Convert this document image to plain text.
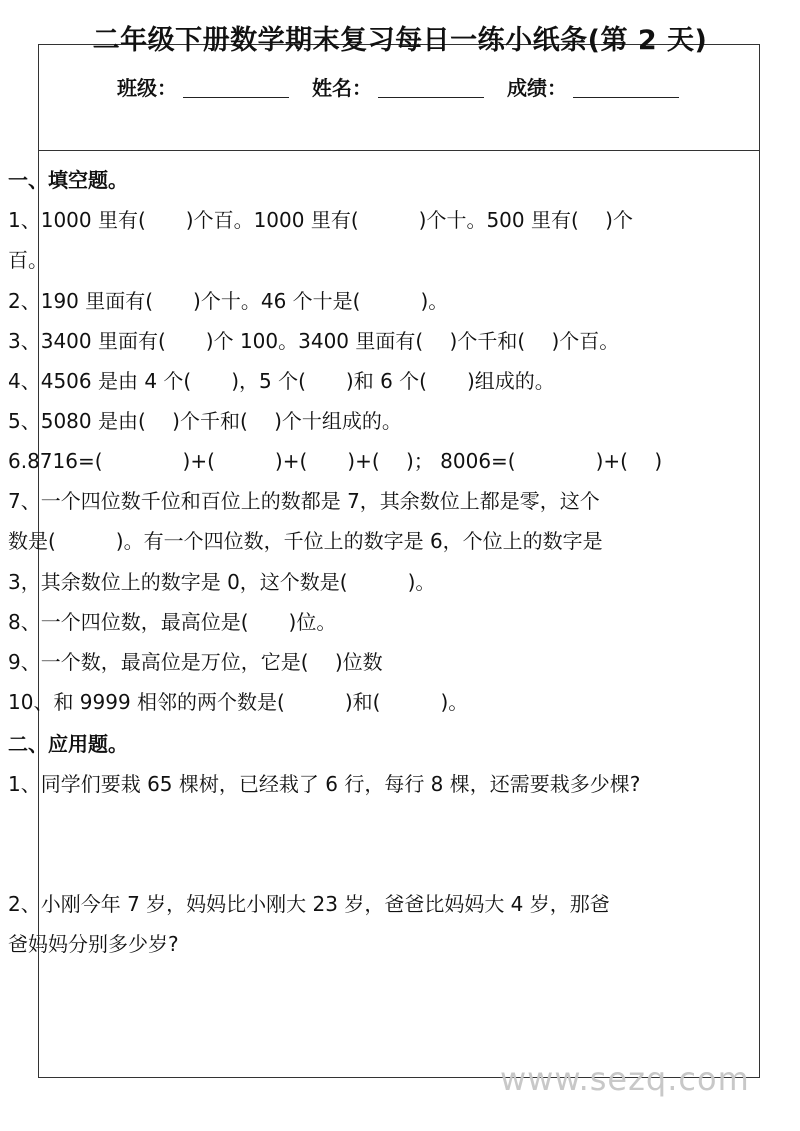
二年级下册数学期末复习每日一练小纸条(第 2 天)
班级：	姓名：	成绩：
一、填空题。
1、1000 里有(　　)个百。1000 里有(　　　)个十。500 里有(　 )个
百。
2、190 里面有(　　)个十。46 个十是(　　　)。
3、3400 里面有(　　)个 100。3400 里面有(　 )个千和(　 )个百。
4、4506 是由 4 个(　　)，5 个(　　)和 6 个(　　)组成的。
5、5080 是由(　 )个千和(　 )个十组成的。
6.8716=(　　　　)+(　　　)+(　　)+(　 )； 8006=(　　　　)+(　 )
7、一个四位数千位和百位上的数都是 7，其余数位上都是零，这个
数是(　　　)。有一个四位数，千位上的数字是 6，个位上的数字是
3，其余数位上的数字是 0，这个数是(　　　)。
8、一个四位数，最高位是(　　)位。
9、一个数，最高位是万位，它是(　 )位数
10、和 9999 相邻的两个数是(　　　)和(　　　)。
二、应用题。
1、同学们要栽 65 棵树，已经栽了 6 行，每行 8 棵，还需要栽多少棵?
2、小刚今年 7 岁，妈妈比小刚大 23 岁，爸爸比妈妈大 4 岁，那爸
爸妈妈分别多少岁?
www.sezq.com
